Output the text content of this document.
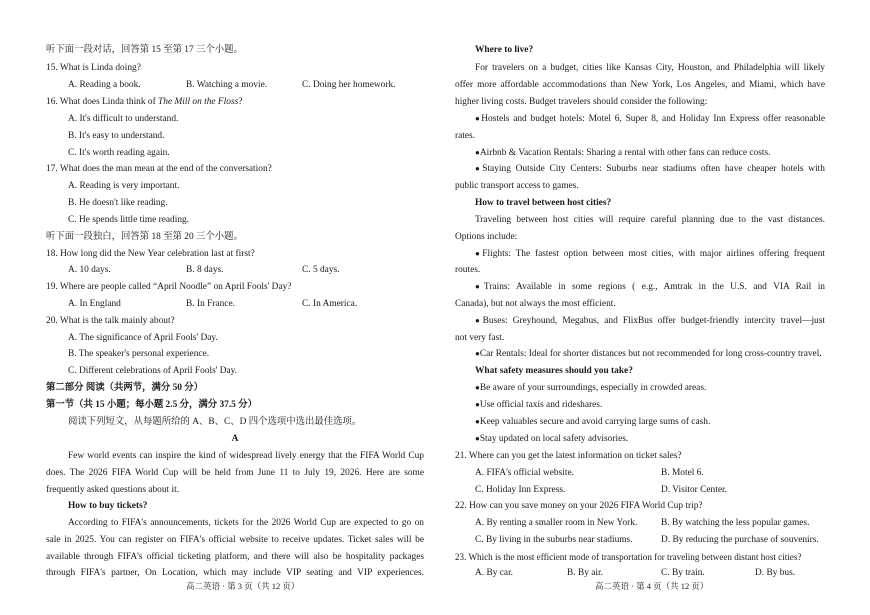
听下面一段对话，回答第 15 至第 17 三个小题。
15. What is Linda doing?
A. Reading a book.	B. Watching a movie.	C. Doing her homework.
16. What does Linda think of The Mill on the Floss?
A. It's difficult to understand.
B. It's easy to understand.
C. It's worth reading again.
17. What does the man mean at the end of the conversation?
A. Reading is very important.
B. He doesn't like reading.
C. He spends little time reading.
听下面一段独白，回答第 18 至第 20 三个小题。
18. How long did the New Year celebration last at first?
A. 10 days.	B. 8 days.	C. 5 days.
19. Where are people called “April Noodle” on April Fools' Day?
A. In England	B. In France.	C. In America.
20. What is the talk mainly about?
A. The significance of April Fools' Day.
B. The speaker's personal experience.
C. Different celebrations of April Fools' Day.
第二部分 阅读（共两节，满分 50 分）
第一节（共 15 小题；每小题 2.5 分，满分 37.5 分）
阅读下列短文，从每题所给的 A、B、C、D 四个选项中选出最佳选项。
A
Few world events can inspire the kind of widespread lively energy that the FIFA World Cup
does. The 2026 FIFA World Cup will be held from June 11 to July 19, 2026. Here are some
frequently asked questions about it.
How to buy tickets?
According to FIFA's announcements, tickets for the 2026 World Cup are expected to go on
sale in 2025. You can register on FIFA's official website to receive updates. Ticket sales will be
available through FIFA's official ticketing platform, and there will also be hospitality packages
through FIFA's partner, On Location, which may include VIP seating and VIP experiences.
高二英语 · 第 3 页（共 12 页）
Where to live?
For travelers on a budget, cities like Kansas City, Houston, and Philadelphia will likely
offer more affordable accommodations than New York, Los Angeles, and Miami, which have
higher living costs. Budget travelers should consider the following:
●Hostels and budget hotels: Motel 6, Super 8, and Holiday Inn Express offer reasonable
rates.
●Airbnb & Vacation Rentals: Sharing a rental with other fans can reduce costs.
●Staying Outside City Centers: Suburbs near stadiums often have cheaper hotels with
public transport access to games.
How to travel between host cities?
Traveling between host cities will require careful planning due to the vast distances.
Options include:
●Flights: The fastest option between most cities, with major airlines offering frequent
routes.
●Trains: Available in some regions ( e.g., Amtrak in the U.S. and VIA Rail in
Canada), but not always the most efficient.
●Buses: Greyhound, Megabus, and FlixBus offer budget-friendly intercity travel—just
not very fast.
●Car Rentals: Ideal for shorter distances but not recommended for long cross-country travel.
What safety measures should you take?
●Be aware of your surroundings, especially in crowded areas.
●Use official taxis and rideshares.
●Keep valuables secure and avoid carrying large sums of cash.
●Stay updated on local safety advisories.
21. Where can you get the latest information on ticket sales?
A. FIFA's official website.	B. Motel 6.
C. Holiday Inn Express.	D. Visitor Center.
22. How can you save money on your 2026 FIFA World Cup trip?
A. By renting a smaller room in New York.	B. By watching the less popular games.
C. By living in the suburbs near stadiums.	D. By reducing the purchase of souvenirs.
23. Which is the most efficient mode of transportation for traveling between distant host cities?
A. By car.	B. By air.	C. By train.	D. By bus.
高二英语 · 第 4 页（共 12 页）
